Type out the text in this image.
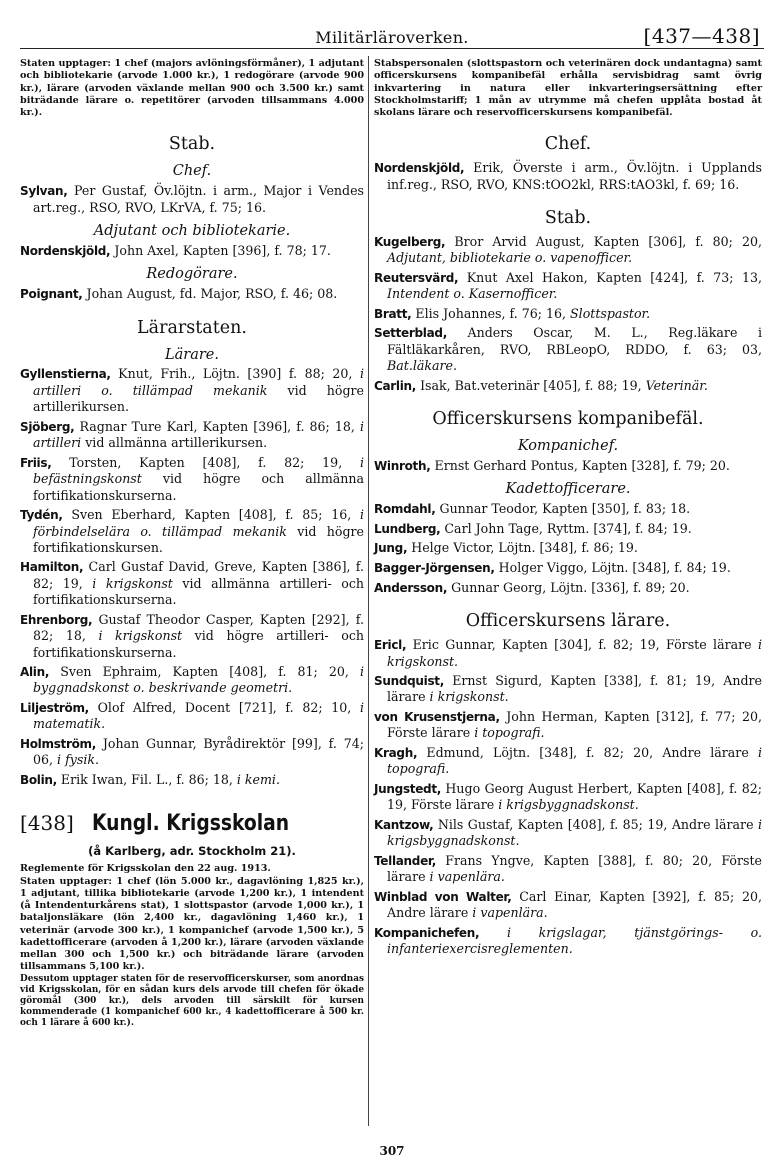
Militärläroverken.	[437—438]

Staten upptager: 1 chef (majors avlöningsförmåner), 1 adjutant och bibliotekarie (arvode 1.000 kr.), 1 redogörare (arvode 900 kr.), lärare (arvoden växlande mellan 900 och 3.500 kr.) samt biträdande lärare o. repetitörer (arvoden tillsammans 4.000 kr.).

Stab.
Chef.

Sylvan, Per Gustaf, Öv.löjtn. i arm., Major i Vendes art.reg., RSO, RVO, LKrVA, f. 75; 16.

Adjutant och bibliotekarie.

Nordenskjöld, John Axel, Kapten [396], f. 78; 17.

Redogörare.

Poignant, Johan August, fd. Major, RSO, f. 46; 08.

Lärarstaten.
Lärare.

Gyllenstierna, Knut, Frih., Löjtn. [390] f. 88; 20, i artilleri o. tillämpad mekanik vid högre artillerikursen.

Sjöberg, Ragnar Ture Karl, Kapten [396], f. 86; 18, i artilleri vid allmänna artillerikursen.

Friis, Torsten, Kapten [408], f. 82; 19, i befästningskonst vid högre och allmänna fortifikationskurserna.

Tydén, Sven Eberhard, Kapten [408], f. 85; 16, i förbindelselära o. tillämpad mekanik vid högre fortifikationskursen.

Hamilton, Carl Gustaf David, Greve, Kapten [386], f. 82; 19, i krigskonst vid allmänna artilleri- och fortifikationskurserna.

Ehrenborg, Gustaf Theodor Casper, Kapten [292], f. 82; 18, i krigskonst vid högre artilleri- och fortifikationskurserna.

Alin, Sven Ephraim, Kapten [408], f. 81; 20, i byggnadskonst o. beskrivande geometri.

Liljeström, Olof Alfred, Docent [721], f. 82; 10, i matematik.

Holmström, Johan Gunnar, Byrådirektör [99], f. 74; 06, i fysik.

Bolin, Erik Iwan, Fil. L., f. 86; 18, i kemi.

[438] Kungl. Krigsskolan
(å Karlberg, adr. Stockholm 21).

Reglemente för Krigsskolan den 22 aug. 1913.

Staten upptager: 1 chef (lön 5.000 kr., dagavlöning 1,825 kr.), 1 adjutant, tillika bibliotekarie (arvode 1,200 kr.), 1 intendent (å Intendenturkårens stat), 1 slottspastor (arvode 1,000 kr.), 1 bataljonsläkare (lön 2,400 kr., dagavlöning 1,460 kr.), 1 veterinär (arvode 300 kr.), 1 kompanichef (arvode 1,500 kr.), 5 kadettofficerare (arvoden å 1,200 kr.), lärare (arvoden växlande mellan 300 och 1,500 kr.) och biträdande lärare (arvoden tillsammans 5,100 kr.).

Dessutom upptager staten för de reservofficerskurser, som anordnas vid Krigsskolan, för en sådan kurs dels arvode till chefen för ökade göromål (300 kr.), dels arvoden till särskilt för kursen kommenderade (1 kompanichef 600 kr., 4 kadettofficerare å 500 kr. och 1 lärare å 600 kr.).

Stabspersonalen (slottspastorn och veterinären dock undantagna) samt officerskursens kompanibefäl erhålla servisbidrag samt övrig inkvartering in natura eller inkvarteringsersättning efter Stockholmstariff; 1 mån av utrymme må chefen upplåta bostad åt skolans lärare och reservofficerskursens kompanibefäl.

Chef.

Nordenskjöld, Erik, Överste i arm., Öv.löjtn. i Upplands inf.reg., RSO, RVO, KNS:tOO2kl, RRS:tAO3kl, f. 69; 16.

Stab.

Kugelberg, Bror Arvid August, Kapten [306], f. 80; 20, Adjutant, bibliotekarie o. vapenofficer.

Reutersvärd, Knut Axel Hakon, Kapten [424], f. 73; 13, Intendent o. Kasernofficer.

Bratt, Elis Johannes, f. 76; 16, Slottspastor.

Setterblad, Anders Oscar, M. L., Reg.läkare i Fältläkarkåren, RVO, RBLeopO, RDDO, f. 63; 03, Bat.läkare.

Carlin, Isak, Bat.veterinär [405], f. 88; 19, Veterinär.

Officerskursens kompanibefäl.
Kompanichef.

Winroth, Ernst Gerhard Pontus, Kapten [328], f. 79; 20.

Kadettofficerare.

Romdahl, Gunnar Teodor, Kapten [350], f. 83; 18.

Lundberg, Carl John Tage, Ryttm. [374], f. 84; 19.

Jung, Helge Victor, Löjtn. [348], f. 86; 19.

Bagger-Jörgensen, Holger Viggo, Löjtn. [348], f. 84; 19.

Andersson, Gunnar Georg, Löjtn. [336], f. 89; 20.

Officerskursens lärare.

Ericl, Eric Gunnar, Kapten [304], f. 82; 19, Förste lärare i krigskonst.

Sundquist, Ernst Sigurd, Kapten [338], f. 81; 19, Andre lärare i krigskonst.

von Krusenstjerna, John Herman, Kapten [312], f. 77; 20, Förste lärare i topografi.

Kragh, Edmund, Löjtn. [348], f. 82; 20, Andre lärare i topografi.

Jungstedt, Hugo Georg August Herbert, Kapten [408], f. 82; 19, Förste lärare i krigsbyggnadskonst.

Kantzow, Nils Gustaf, Kapten [408], f. 85; 19, Andre lärare i krigsbyggnadskonst.

Tellander, Frans Yngve, Kapten [388], f. 80; 20, Förste lärare i vapenlära.

Winblad von Walter, Carl Einar, Kapten [392], f. 85; 20, Andre lärare i vapenlära.

Kompanichefen, i krigslagar, tjänstgörings- o. infanteriexercisreglementen.

307
